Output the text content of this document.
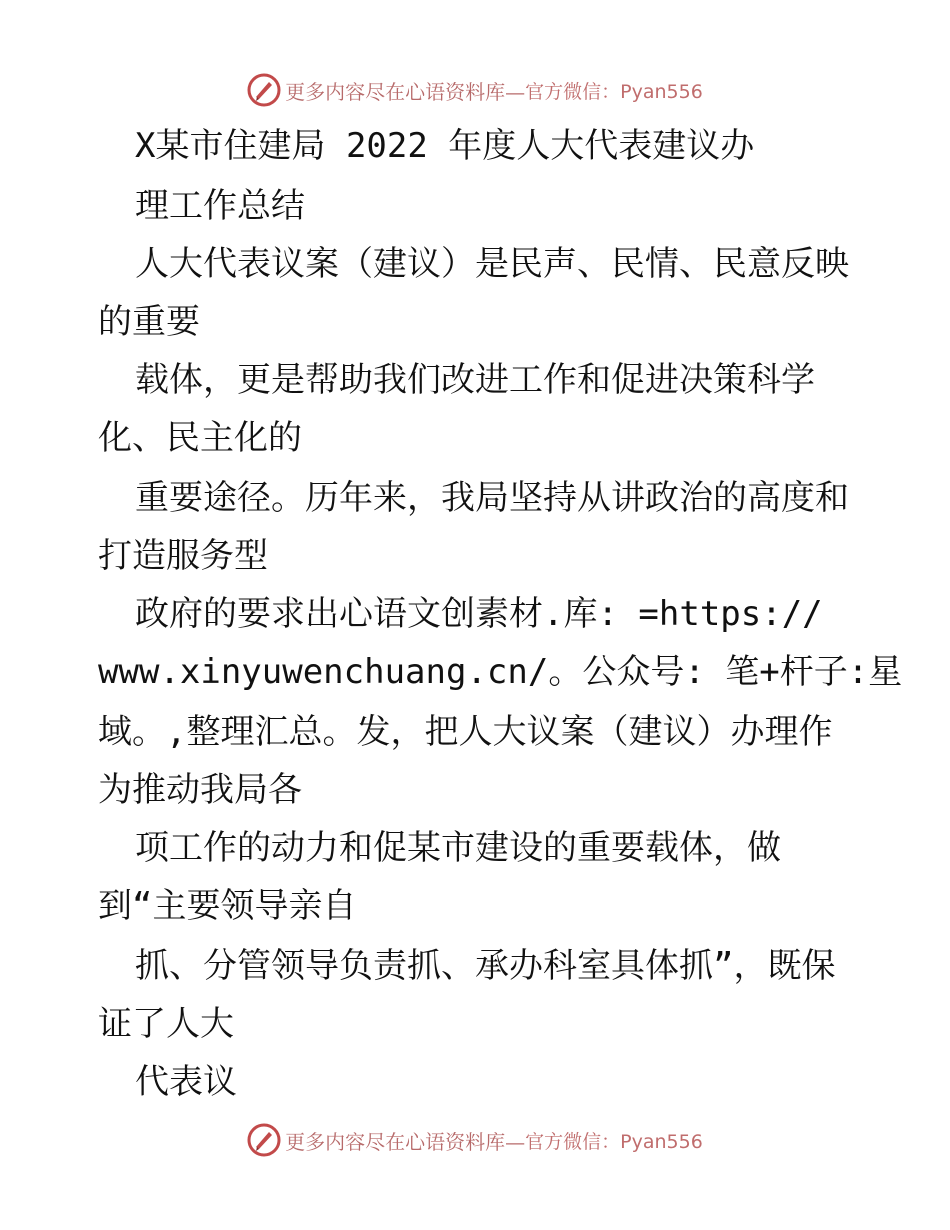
更多内容尽在心语资料库— 官方微信：Pyan556
X某市住建局 2022 年度人大代表建议办
理工作总结
人大代表议案（建议）是民声、民情、民意反映
的重要
载体，更是帮助我们改进工作和促进决策科学
化、民主化的
重要途径。历年来，我局坚持从讲政治的高度和
打造服务型
政府的要求出心语文创素材.库: =https://
www.xinyuwenchuang.cn/。公众号: 笔+杆子:星
域。,整理汇总。发，把人大议案（建议）办理作
为推动我局各
项工作的动力和促某市建设的重要载体，做
到“主要领导亲自
抓、分管领导负责抓、承办科室具体抓”，既保
证了人大
代表议
更多内容尽在心语资料库— 官方微信：Pyan556
